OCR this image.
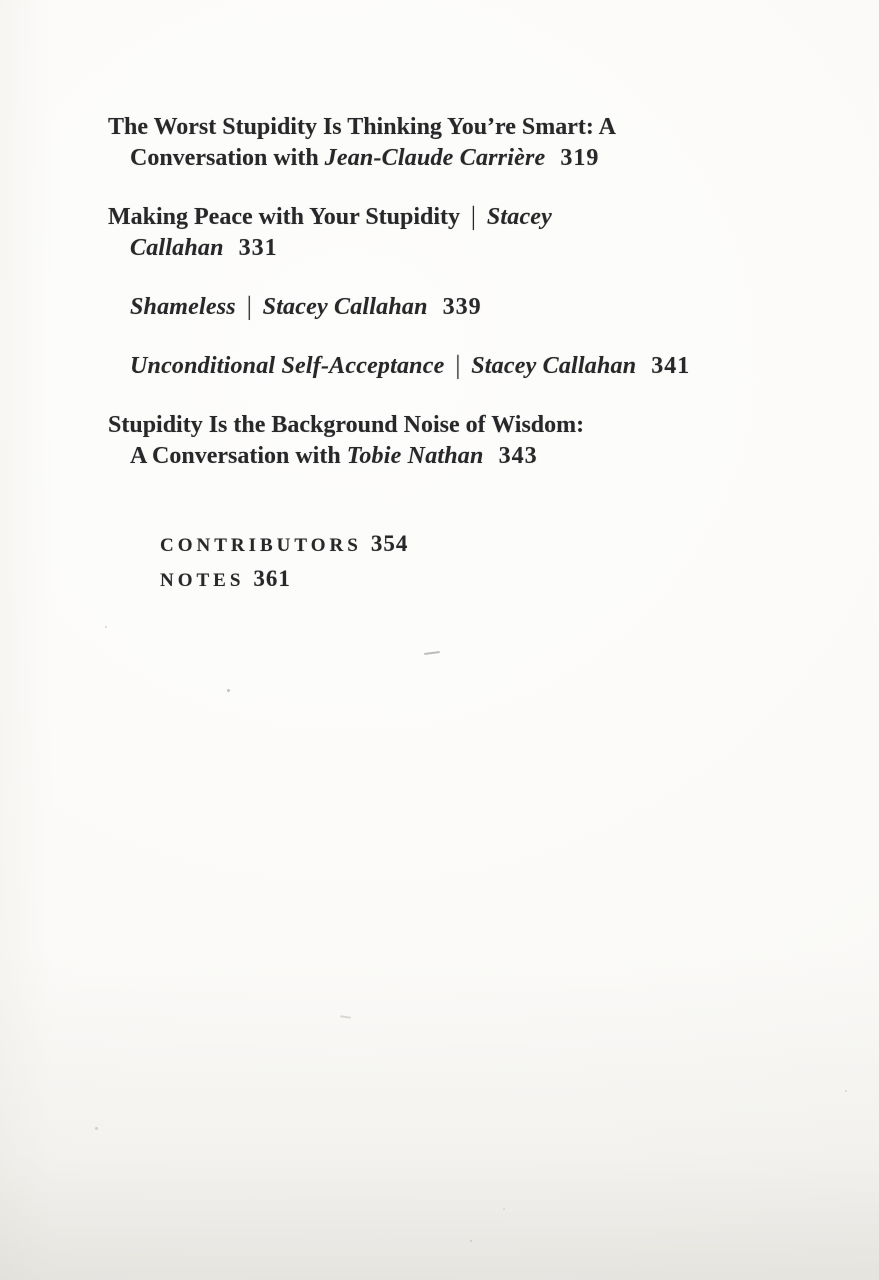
The Worst Stupidity Is Thinking You’re Smart: A
Conversation with Jean-Claude Carrière 319
Making Peace with Your Stupidity | Stacey
Callahan 331
Shameless | Stacey Callahan 339
Unconditional Self-Acceptance | Stacey Callahan 341
Stupidity Is the Background Noise of Wisdom:
A Conversation with Tobie Nathan 343
CONTRIBUTORS 354
NOTES 361
